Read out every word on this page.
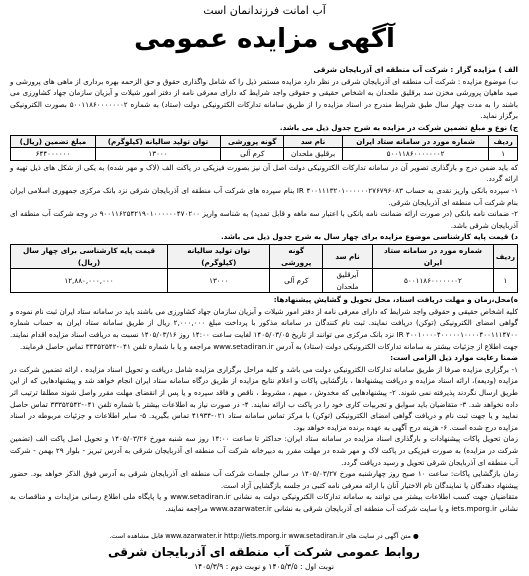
آب امانت فرزندانمان است
آگهی مزایده عمومی

الف ) مزایده گزار : شرکت آب منطقه ای آذربایجان شرقی

ب) موضوع مزایده : شرکت آب منطقه ای آذربایجان شرقی در نظر دارد مزایده مستمر ذیل را که شامل واگذاری حقوق و حق الزحمه بهره برداری از ماهی های پرورشی و صید ماهیان پرورشی مخزن سد برقلیق ملحدان به اشخاص حقیقی و حقوقی واجد شرایط که دارای معرفی نامه از دفتر امور شیلات و آبزیان سازمان جهاد کشاورزی می باشند را به مدت چهار سال طبق شرایط مندرج در اسناد مزایده را از طریق سامانه تدارکات الکترونیکی دولت (ستاد) به شماره ۵۰۰۱۱۸۶۰۰۰۰۰۰۰۲ بصورت الکترونیکی برگزار نماید.

ج) نوع و مبلغ تضمین شرکت در مزایده به شرح جدول ذیل می باشد.

ردیف	شماره مورد در سامانه ستاد ایران	نام سد	گونه پرورشی	توان تولید سالیانه (کیلوگرم)	مبلغ تضمین (ریال)
۱	۵۰۰۱۱۸۶۰۰۰۰۰۰۰۲	برقلیق ملحدان	کرم آلی	۱۳۰۰۰	۶۴۴۰۰۰۰۰۰

که باید ضمن درج و بارگذاری تصویر آن در سامانه تدارکات الکترونیکی دولت اصل آن نیز بصورت فیزیکی در پاکت الف (لاک و مهر شده) به یکی از شکل های ذیل تهیه و ارائه گردد.

۱- سپرده بانکی واریز نقدی به حساب ۴۰۰۱۱۱۳۲۰۱۰۰۰۰۰۰۲۷۶۷۹۶۰۸۳ IR بنام سپرده های شرکت آب منطقه ای آذربایجان شرقی نزد بانک مرکزی جمهوری اسلامی ایران بنام شرکت آب منطقه ای آذربایجان شرقی.

۲- ضمانت نامه بانکی (در صورت ارائه ضمانت نامه بانکی با اعتبار سه ماهه و قابل تمدید) به شناسه واریز ۹۰۰۱۱۶۲۵۴۲۱۹۰۱۰۰۰۰۰۰۴۷۰۲۰۰ در وجه شرکت آب منطقه ای آذربایجان شرقی باشد.

د) قیمت پایه کارشناسی موضوع مزایده برای چهار سال به شرح جدول ذیل می باشد.

ردیف	شماره مورد در سامانه ستاد ایران	نام سد	گونه پرورشی	توان تولید سالیانه (کیلوگرم)	قیمت پایه کارشناسی برای چهار سال (ریال)
۱	۵۰۰۱۱۸۶۰۰۰۰۰۰۰۲	آبرقلیق ملحدان	کرم آلی	۱۳۰۰۰	۱۲,۸۸۰,۰۰۰,۰۰۰

ه)محل،زمان و مهلت دریافت اسناد، محل تحویل و گشایش پیشنهادها:

کلیه اشخاص حقیقی و حقوقی واجد شرایط که دارای معرفی نامه از دفتر امور شیلات و آبزیان سازمان جهاد کشاورزی می باشند باید در سامانه ستاد ایران ثبت نام نموده و گواهی امضای الکترونیکی (توکن) دریافت نمایند. ثبت نام کنندگان در سامانه مذکور با پرداخت مبلغ ۲,۰۰۰,۰۰۰ ریال از طریق سامانه ستاد ایران به حساب شماره ۴۰۰۱۰۰۰۰۴۰۰۰۰۰۱۰۰۰۰۴۰۰۱۱۱۴۷۰۰ IR نزد بانک مرکزی می توانند از تاریخ ۱۴۰۵/۰۳/۰۵ لغایت ساعت ۱۴:۰۰ روز ۱۴۰۵/۰۳/۱۶ نسبت به دریافت اسناد مزایده اقدام نمایند. جهت اطلاع از جزئیات بیشتر به سامانه تدارکات الکترونیکی دولت (ستاد) به آدرس www.setadiran.ir مراجعه و یا با شماره تلفن ۰۴۱-۳۳۳۵۲۵۴۲ تماس حاصل فرمایند.

ضمنا رعایت موارد ذیل الزامی است:

۱- برگزاری مزایده صرفا از طریق سامانه تدارکات الکترونیکی دولت می باشد و کلیه مراحل برگزاری مزایده شامل دریافت و تحویل اسناد مزایده ، ارائه تضمین شرکت در مزایده (ودیعه)، ارائه اسناد مزایده و دریافت پیشنهادها ، بازگشایی پاکات و اعلام نتایج مزایده از طریق درگاه سامانه ستاد ایران انجام خواهد شد و پیشنهادهایی که از این طریق ارسال نگردند پذیرفته نمی شوند. ۲- پیشنهادهایی که مخدوش ، مبهم ، مشروط ، ناقص و فاقد سپرده و یا پس از انقضای مهلت مقرر واصل شوند مطلقا ترتیب اثر داده نخواهد شد. ۳- متقاضیان باید سوابق و تجربیات کاری خود را در پاکت ب ارائه نمایند. ۴- در صورت نیاز به اطلاعات بیشتر با شماره تلفن ۰۴۱-۳۳۳۵۲۵۴۲ تماس حاصل نمایید و یا جهت ثبت نام و دریافت گواهی امضای الکترونیکی (توکن) با مرکز تماس سامانه ستاد ۰۲۱-۴۱۹۳۴ تماس بگیرید. ۵- سایر اطلاعات و جزئیات مربوطه در اسناد مزایده درج شده است. ۶- هزینه درج آگهی به عهده برنده مزایده خواهد بود.

زمان تحویل پاکات پیشنهادات و بارگذاری اسناد مزایده در سامانه ستاد ایران: حداکثر تا ساعت ۱۴:۰۰ روز سه شنبه مورخ ۱۴۰۵/۰۳/۲۶ و تحویل اصل پاکت الف (تضمین شرکت در مزایده) به صورت فیزیکی در پاکت لاک و مهر شده در مهلت مقرر به دبیرخانه شرکت آب منطقه ای آذربایجان شرقی به آدرس تبریز - بلوار ۲۹ بهمن - شرکت آب منطقه ای آذربایجان شرقی تحویل و رسید دریافت گردد.

زمان بازگشایی پاکات: ساعت ۱۰ صبح روز چهارشنبه مورخ ۱۴۰۵/۰۳/۲۷ در سالن جلسات شرکت آب منطقه ای آذربایجان شرقی به آدرس فوق الذکر خواهد بود. حضور پیشنهاد دهندگان یا نمایندگان تام الاختیار آنان با ارائه معرفی نامه کتبی در جلسه بازگشایی آزاد است.

متقاضیان جهت کسب اطلاعات بیشتر می توانند به سامانه تدارکات الکترونیکی دولت به نشانی www.setadiran.ir و یا پایگاه ملی اطلاع رسانی مزایدات و مناقصات به نشانی iets.mporg.ir و یا سایت شرکت آب منطقه ای آذربایجان شرقی به نشانی www.azarwater.ir مراجعه نمایند.

● متن آگهی در سایت های www.azarwater.ir http://iets.mporg.ir www.setadiran.ir قابل مشاهده است.
روابط عمومی شرکت آب منطقه ای آذربایجان شرقی
نوبت اول : ۱۴۰۵/۳/۵ و نوبت دوم : ۱۴۰۵/۳/۹
